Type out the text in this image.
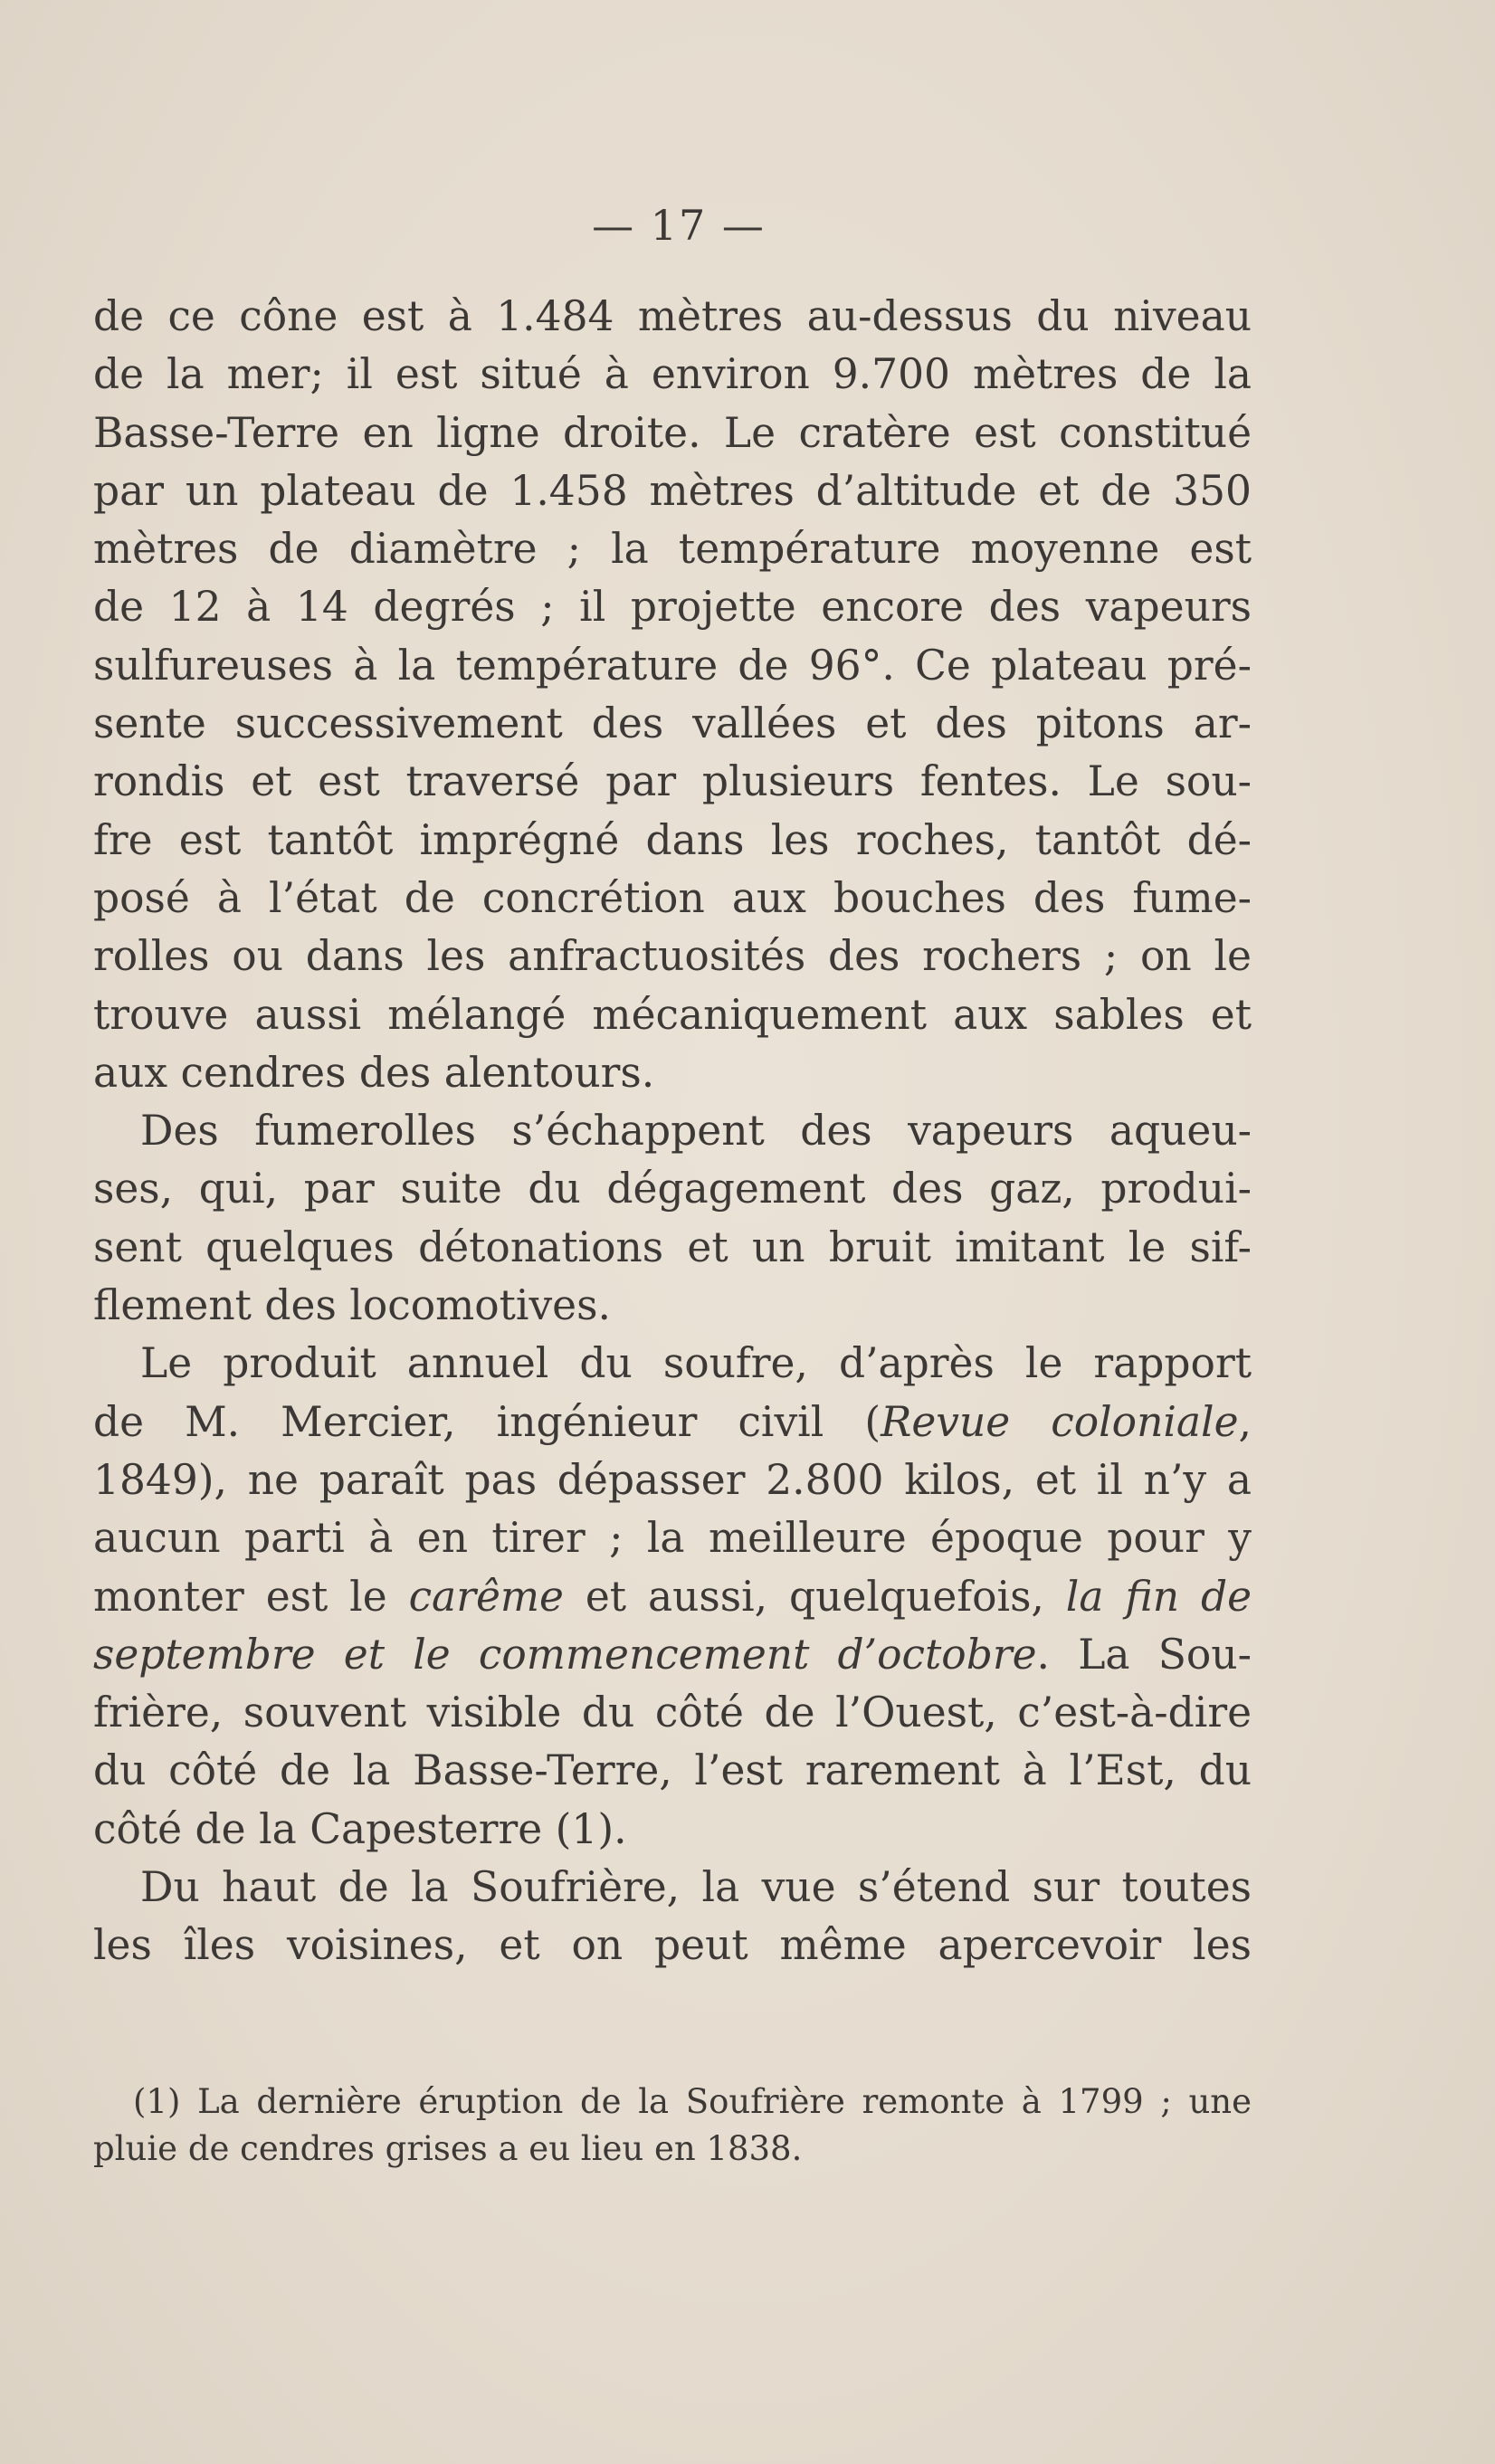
— 17 —
de ce cône est à 1.484 mètres au-dessus du niveau
de la mer; il est situé à environ 9.700 mètres de la
Basse-Terre en ligne droite. Le cratère est constitué
par un plateau de 1.458 mètres d’altitude et de 350
mètres de diamètre ; la température moyenne est
de 12 à 14 degrés ; il projette encore des vapeurs
sulfureuses à la température de 96°. Ce plateau pré-
sente successivement des vallées et des pitons ar-
rondis et est traversé par plusieurs fentes. Le sou-
fre est tantôt imprégné dans les roches, tantôt dé-
posé à l’état de concrétion aux bouches des fume-
rolles ou dans les anfractuosités des rochers ; on le
trouve aussi mélangé mécaniquement aux sables et
aux cendres des alentours.
Des fumerolles s’échappent des vapeurs aqueu-
ses, qui, par suite du dégagement des gaz, produi-
sent quelques détonations et un bruit imitant le sif-
flement des locomotives.
Le produit annuel du soufre, d’après le rapport
de M. Mercier, ingénieur civil (Revue coloniale,
1849), ne paraît pas dépasser 2.800 kilos, et il n’y a
aucun parti à en tirer ; la meilleure époque pour y
monter est le carême et aussi, quelquefois, la fin de
septembre et le commencement d’octobre. La Sou-
frière, souvent visible du côté de l’Ouest, c’est-à-dire
du côté de la Basse-Terre, l’est rarement à l’Est, du
côté de la Capesterre (1).
Du haut de la Soufrière, la vue s’étend sur toutes
les îles voisines, et on peut même apercevoir les
(1) La dernière éruption de la Soufrière remonte à 1799 ; une
pluie de cendres grises a eu lieu en 1838.
